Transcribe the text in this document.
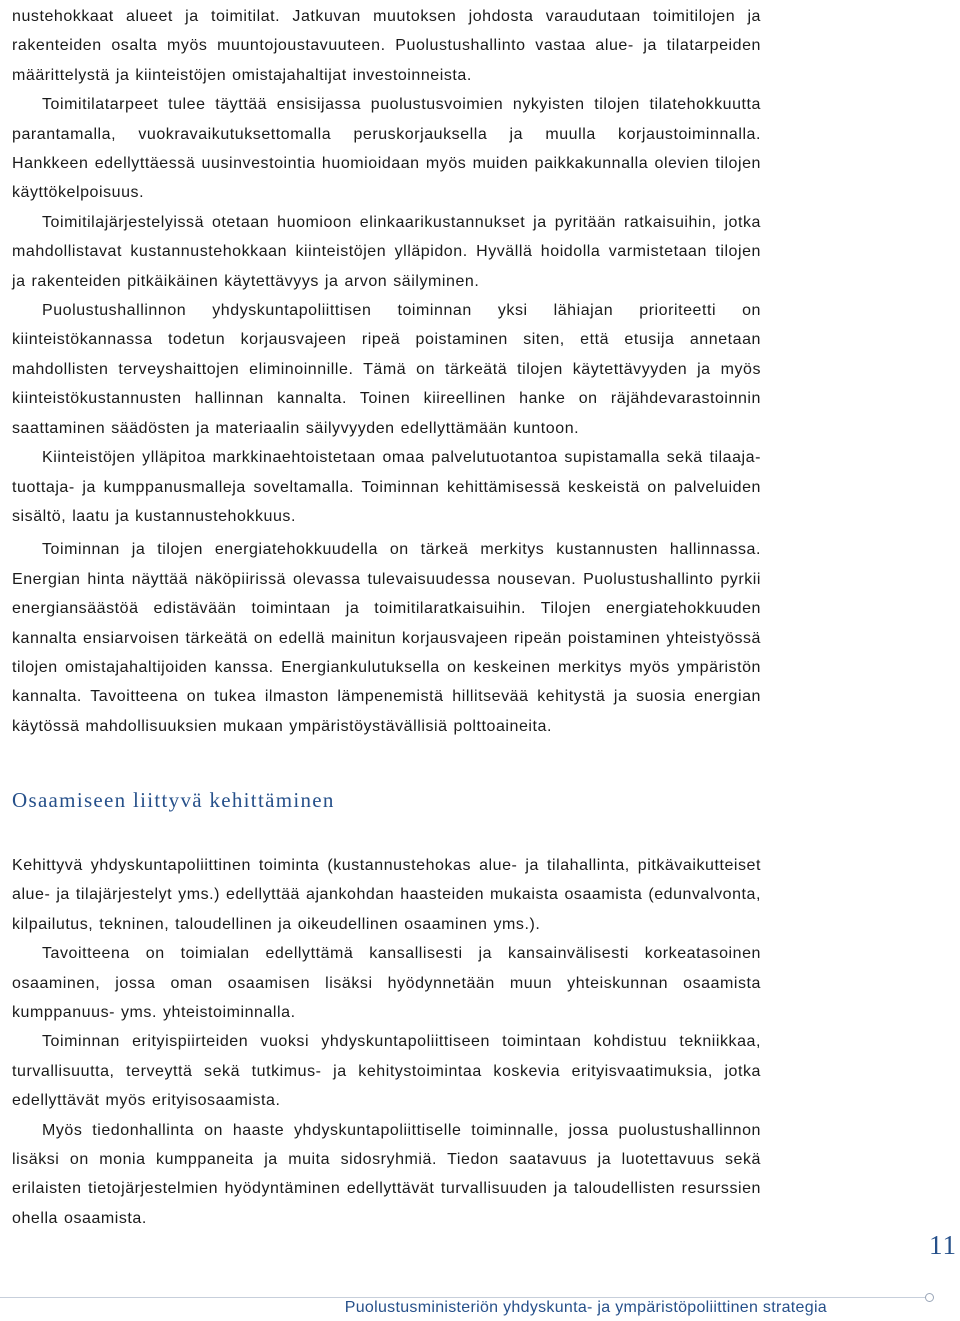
nustehokkaat alueet ja toimitilat. Jatkuvan muutoksen johdosta varaudutaan toimitilojen ja rakenteiden osalta myös muuntojoustavuuteen. Puolustushallinto vastaa alue- ja tilatarpeiden määrittelystä ja kiinteistöjen omistajahaltijat investoinneista.

Toimitilatarpeet tulee täyttää ensisijassa puolustusvoimien nykyisten tilojen tilatehokkuutta parantamalla, vuokravaikutuksettomalla peruskorjauksella ja muulla korjaustoiminnalla. Hankkeen edellyttäessä uusinvestointia huomioidaan myös muiden paikkakunnalla olevien tilojen käyttökelpoisuus.

Toimitilajärjestelyissä otetaan huomioon elinkaarikustannukset ja pyritään ratkaisuihin, jotka mahdollistavat kustannustehokkaan kiinteistöjen ylläpidon. Hyvällä hoidolla varmistetaan tilojen ja rakenteiden pitkäikäinen käytettävyys ja arvon säilyminen.

Puolustushallinnon yhdyskuntapoliittisen toiminnan yksi lähiajan prioriteetti on kiinteistökannassa todetun korjausvajeen ripeä poistaminen siten, että etusija annetaan mahdollisten terveyshaittojen eliminoinnille. Tämä on tärkeätä tilojen käytettävyyden ja myös kiinteistökustannusten hallinnan kannalta. Toinen kiireellinen hanke on räjähdevarastoinnin saattaminen säädösten ja materiaalin säilyvyyden edellyttämään kuntoon.

Kiinteistöjen ylläpitoa markkinaehtoistetaan omaa palvelutuotantoa supistamalla sekä tilaaja- tuottaja- ja kumppanusmalleja soveltamalla. Toiminnan kehittämisessä keskeistä on palveluiden sisältö, laatu ja kustannustehokkuus.

Toiminnan ja tilojen energiatehokkuudella on tärkeä merkitys kustannusten hallinnassa. Energian hinta näyttää näköpiirissä olevassa tulevaisuudessa nousevan. Puolustushallinto pyrkii energiansäästöä edistävään toimintaan ja toimitilaratkaisuihin. Tilojen energiatehokkuuden kannalta ensiarvoisen tärkeätä on edellä mainitun korjausvajeen ripeän poistaminen yhteistyössä tilojen omistajahaltijoiden kanssa. Energiankulutuksella on keskeinen merkitys myös ympäristön kannalta. Tavoitteena on tukea ilmaston lämpenemistä hillitsevää kehitystä ja suosia energian käytössä mahdollisuuksien mukaan ympäristöystävällisiä polttoaineita.

Osaamiseen liittyvä kehittäminen

Kehittyvä yhdyskuntapoliittinen toiminta (kustannustehokas alue- ja tilahallinta, pitkävaikutteiset alue- ja tilajärjestelyt yms.) edellyttää ajankohdan haasteiden mukaista osaamista (edunvalvonta, kilpailutus, tekninen, taloudellinen ja oikeudellinen osaaminen yms.).

Tavoitteena on toimialan edellyttämä kansallisesti ja kansainvälisesti korkeatasoinen osaaminen, jossa oman osaamisen lisäksi hyödynnetään muun yhteiskunnan osaamista kumppanuus- yms. yhteistoiminnalla.

Toiminnan erityispiirteiden vuoksi yhdyskuntapoliittiseen toimintaan kohdistuu tekniikkaa, turvallisuutta, terveyttä sekä tutkimus- ja kehitystoimintaa koskevia erityisvaatimuksia, jotka edellyttävät myös erityisosaamista.

Myös tiedonhallinta on haaste yhdyskuntapoliittiselle toiminnalle, jossa puolustushallinnon lisäksi on monia kumppaneita ja muita sidosryhmiä. Tiedon saatavuus ja luotettavuus sekä erilaisten tietojärjestelmien hyödyntäminen edellyttävät turvallisuuden ja taloudellisten resurssien ohella osaamista.

11
Puolustusministeriön yhdyskunta- ja ympäristöpoliittinen strategia
